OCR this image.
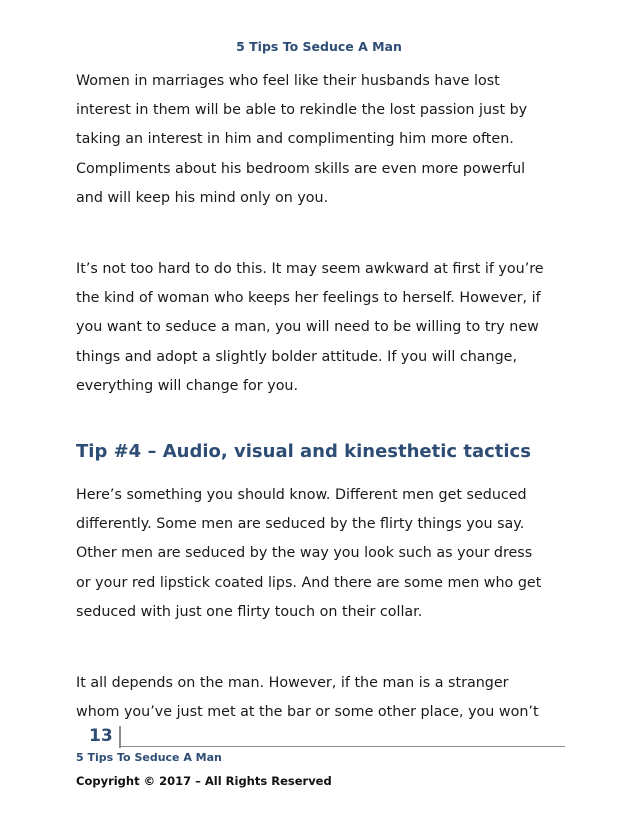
5 Tips To Seduce A Man
Women in marriages who feel like their husbands have lost
interest in them will be able to rekindle the lost passion just by
taking an interest in him and complimenting him more often.
Compliments about his bedroom skills are even more powerful
and will keep his mind only on you.
It’s not too hard to do this. It may seem awkward at first if you’re
the kind of woman who keeps her feelings to herself. However, if
you want to seduce a man, you will need to be willing to try new
things and adopt a slightly bolder attitude. If you will change,
everything will change for you.
Tip #4 – Audio, visual and kinesthetic tactics
Here’s something you should know. Different men get seduced
differently. Some men are seduced by the flirty things you say.
Other men are seduced by the way you look such as your dress
or your red lipstick coated lips. And there are some men who get
seduced with just one flirty touch on their collar.
It all depends on the man. However, if the man is a stranger
whom you’ve just met at the bar or some other place, you won’t
13
5 Tips To Seduce A Man
Copyright © 2017 – All Rights Reserved
